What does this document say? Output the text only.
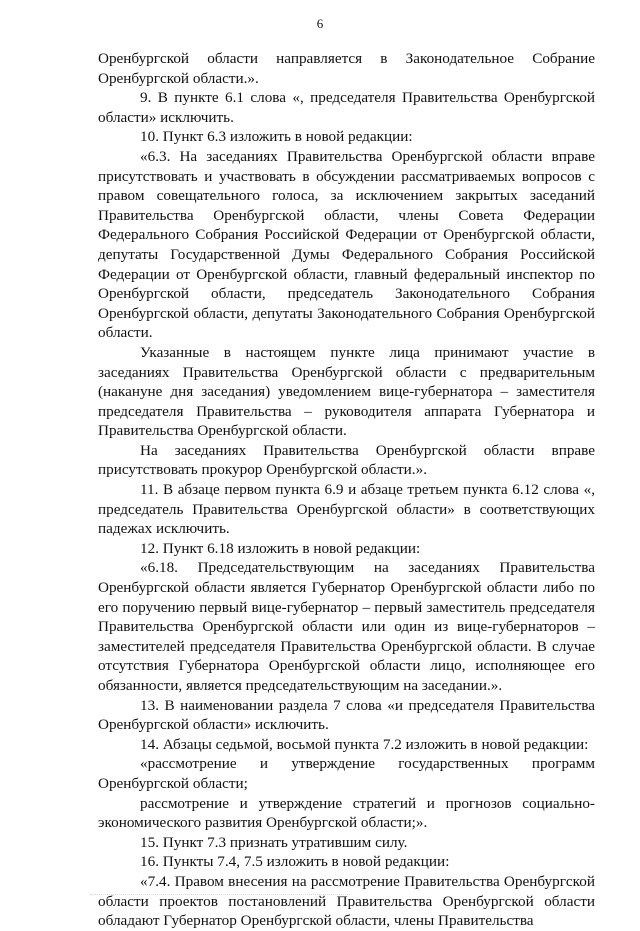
6

Оренбургской области направляется в Законодательное Собрание Оренбургской области.».

9. В пункте 6.1 слова «, председателя Правительства Оренбургской области» исключить.

10. Пункт 6.3 изложить в новой редакции:

«6.3. На заседаниях Правительства Оренбургской области вправе присутствовать и участвовать в обсуждении рассматриваемых вопросов с правом совещательного голоса, за исключением закрытых заседаний Правительства Оренбургской области, члены Совета Федерации Федерального Собрания Российской Федерации от Оренбургской области, депутаты Государственной Думы Федерального Собрания Российской Федерации от Оренбургской области, главный федеральный инспектор по Оренбургской области, председатель Законодательного Собрания Оренбургской области, депутаты Законодательного Собрания Оренбургской области.

Указанные в настоящем пункте лица принимают участие в заседаниях Правительства Оренбургской области с предварительным (накануне дня заседания) уведомлением вице-губернатора – заместителя председателя Правительства – руководителя аппарата Губернатора и Правительства Оренбургской области.

На заседаниях Правительства Оренбургской области вправе присутствовать прокурор Оренбургской области.».

11. В абзаце первом пункта 6.9 и абзаце третьем пункта 6.12 слова «, председатель Правительства Оренбургской области» в соответствующих падежах исключить.

12. Пункт 6.18 изложить в новой редакции:

«6.18. Председательствующим на заседаниях Правительства Оренбургской области является Губернатор Оренбургской области либо по его поручению первый вице-губернатор – первый заместитель председателя Правительства Оренбургской области или один из вице-губернаторов – заместителей председателя Правительства Оренбургской области. В случае отсутствия Губернатора Оренбургской области лицо, исполняющее его обязанности, является председательствующим на заседании.».

13. В наименовании раздела 7 слова «и председателя Правительства Оренбургской области» исключить.

14. Абзацы седьмой, восьмой пункта 7.2 изложить в новой редакции:

«рассмотрение и утверждение государственных программ Оренбургской области;

рассмотрение и утверждение стратегий и прогнозов социально-экономического развития Оренбургской области;».

15. Пункт 7.3 признать утратившим силу.

16. Пункты 7.4, 7.5 изложить в новой редакции:

«7.4. Правом внесения на рассмотрение Правительства Оренбургской области проектов постановлений Правительства Оренбургской области обладают Губернатор Оренбургской области, члены Правительства
